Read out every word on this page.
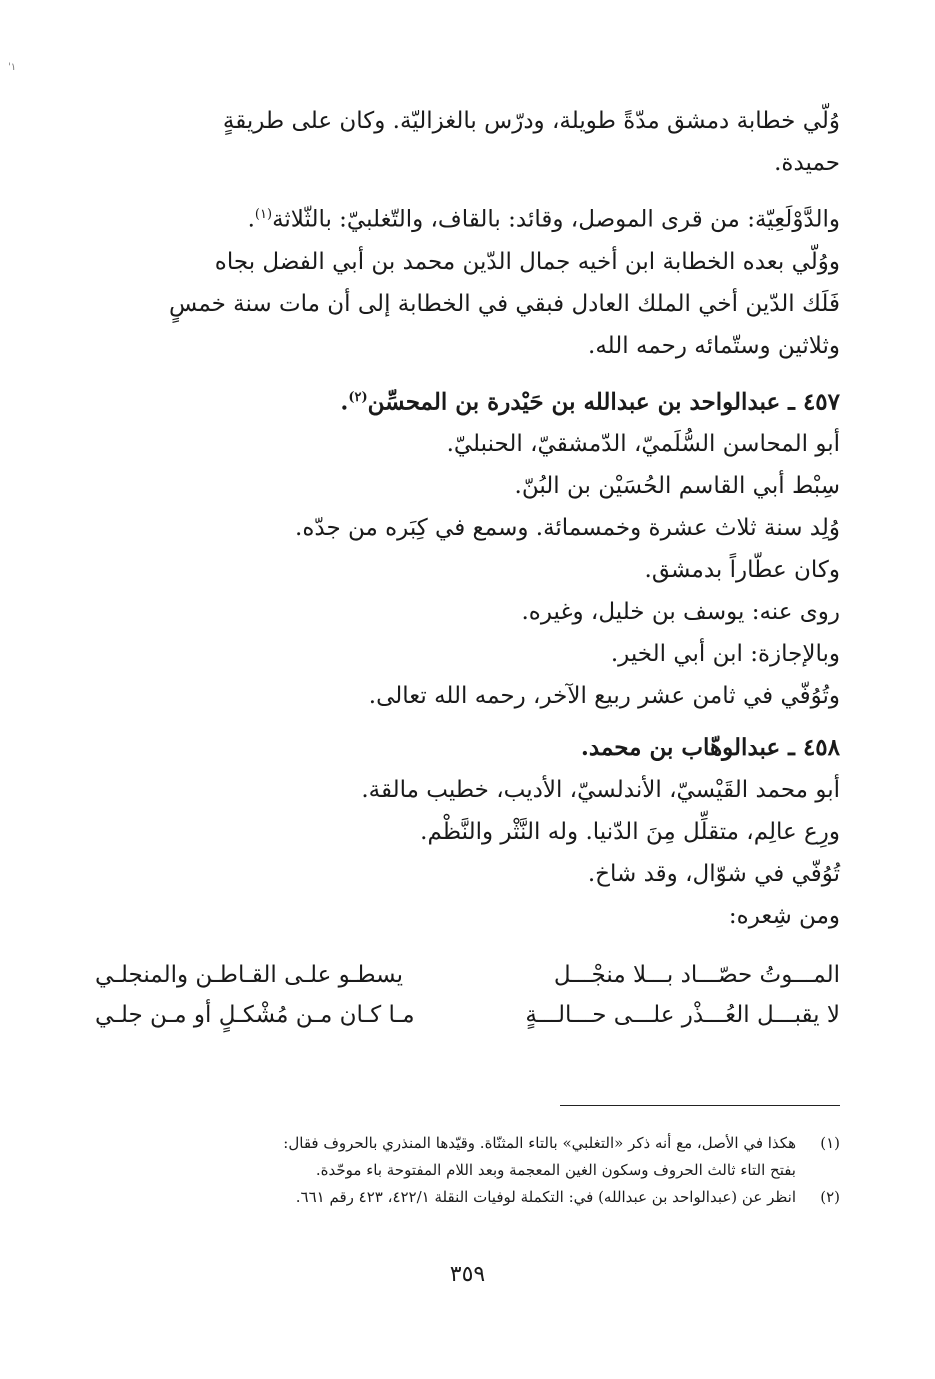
'١
وُلّي خطابة دمشق مدّةً طويلة، ودرّس بالغزاليّة. وكان على طريقةٍ
حميدة.
والدَّوْلَعِيّة: من قرى الموصل، وقائد: بالقاف، والتّغلبيّ: بالثّلاثة$^{(١)}$.
ووُلّي بعده الخطابة ابن أخيه جمال الدّين محمد بن أبي الفضل بجاه
فَلَك الدّين أخي الملك العادل فبقي في الخطابة إلى أن مات سنة خمسٍ
وثلاثين وستّمائه رحمه الله.
٤٥٧ ـ عبدالواحد بن عبدالله بن حَيْدرة بن المحسِّن$^{(٢)}$.
أبو المحاسن السُّلَميّ، الدّمشقيّ، الحنبليّ.
سِبْط أبي القاسم الحُسَيْن بن البُنّ.
وُلِد سنة ثلاث عشرة وخمسمائة. وسمع في كِبَره من جدّه.
وكان عطّاراً بدمشق.
روى عنه: يوسف بن خليل، وغيره.
وبالإجازة: ابن أبي الخير.
وتُوُفّي في ثامن عشر ربيع الآخر، رحمه الله تعالى.
٤٥٨ ـ عبدالوهّاب بن محمد.
أبو محمد القَيْسيّ، الأندلسيّ، الأديب، خطيب مالقة.
ورِع عالِم، متقلِّل مِنَ الدّنيا. وله النَّثْر والنَّظْم.
تُوُفّي في شوّال، وقد شاخ.
ومن شِعره:
المـــوتُ حصّـــاد بـــلا منجْـــل
يسطـو علـى القـاطـن والمنجلـي
لا يقبـــل العُـــذْر علـــى حـــالـــةٍ
مـا كـان مـن مُشْكـلٍ أو مـن جلـي
(١)
هكذا في الأصل، مع أنه ذكر «التغلبي» بالتاء المثنّاة. وقيّدها المنذري بالحروف فقال:
بفتح التاء ثالث الحروف وسكون الغين المعجمة وبعد اللام المفتوحة باء موحّدة.
(٢)
انظر عن (عبدالواحد بن عبدالله) في: التكملة لوفيات النقلة ٤٢٢/١، ٤٢٣ رقم ٦٦١.
٣٥٩
